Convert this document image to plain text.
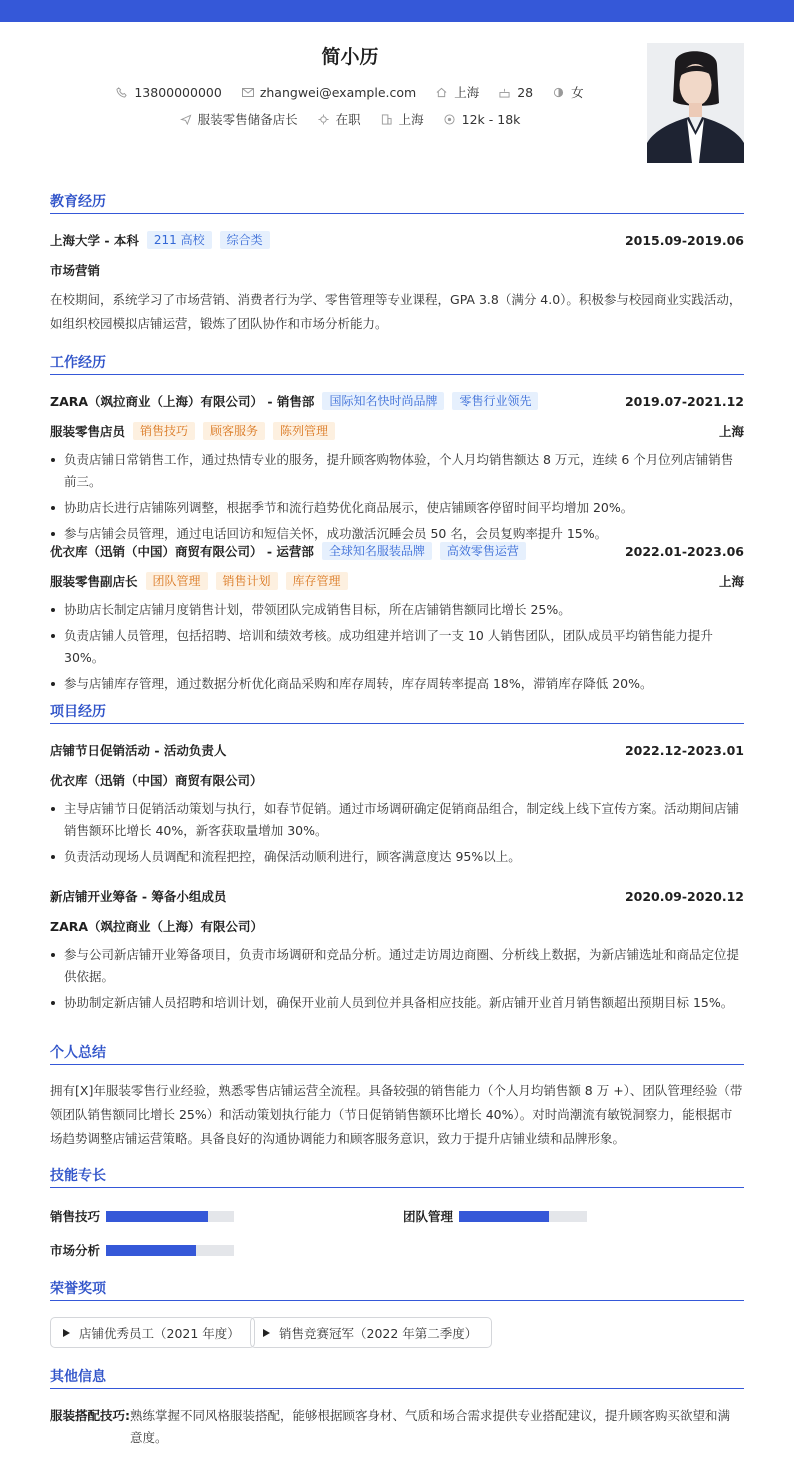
简小历
13800000000	zhangwei@example.com	上海	28	女
服装零售储备店长	在职	上海	12k - 18k
教育经历
上海大学 - 本科	211 高校	综合类	2015.09-2019.06
市场营销
在校期间，系统学习了市场营销、消费者行为学、零售管理等专业课程，GPA 3.8（满分 4.0）。积极参与校园商业实践活动，如组织校园模拟店铺运营，锻炼了团队协作和市场分析能力。
工作经历
ZARA（飒拉商业（上海）有限公司） - 销售部	国际知名快时尚品牌	零售行业领先	2019.07-2021.12
服装零售店员	销售技巧	顾客服务	陈列管理	上海
负责店铺日常销售工作，通过热情专业的服务，提升顾客购物体验，个人月均销售额达 8 万元，连续 6 个月位列店铺销售前三。
协助店长进行店铺陈列调整，根据季节和流行趋势优化商品展示，使店铺顾客停留时间平均增加 20%。
参与店铺会员管理，通过电话回访和短信关怀，成功激活沉睡会员 50 名，会员复购率提升 15%。
优衣库（迅销（中国）商贸有限公司） - 运营部	全球知名服装品牌	高效零售运营	2022.01-2023.06
服装零售副店长	团队管理	销售计划	库存管理	上海
协助店长制定店铺月度销售计划，带领团队完成销售目标，所在店铺销售额同比增长 25%。
负责店铺人员管理，包括招聘、培训和绩效考核。成功组建并培训了一支 10 人销售团队，团队成员平均销售能力提升 30%。
参与店铺库存管理，通过数据分析优化商品采购和库存周转，库存周转率提高 18%，滞销库存降低 20%。
项目经历
店铺节日促销活动 - 活动负责人	2022.12-2023.01
优衣库（迅销（中国）商贸有限公司）
主导店铺节日促销活动策划与执行，如春节促销。通过市场调研确定促销商品组合，制定线上线下宣传方案。活动期间店铺销售额环比增长 40%，新客获取量增加 30%。
负责活动现场人员调配和流程把控，确保活动顺利进行，顾客满意度达 95%以上。
新店铺开业筹备 - 筹备小组成员	2020.09-2020.12
ZARA（飒拉商业（上海）有限公司）
参与公司新店铺开业筹备项目，负责市场调研和竞品分析。通过走访周边商圈、分析线上数据，为新店铺选址和商品定位提供依据。
协助制定新店铺人员招聘和培训计划，确保开业前人员到位并具备相应技能。新店铺开业首月销售额超出预期目标 15%。
个人总结
拥有[X]年服装零售行业经验，熟悉零售店铺运营全流程。具备较强的销售能力（个人月均销售额 8 万 +）、团队管理经验（带领团队销售额同比增长 25%）和活动策划执行能力（节日促销销售额环比增长 40%）。对时尚潮流有敏锐洞察力，能根据市场趋势调整店铺运营策略。具备良好的沟通协调能力和顾客服务意识，致力于提升店铺业绩和品牌形象。
技能专长
销售技巧	团队管理
市场分析
荣誉奖项
店铺优秀员工（2021 年度）	销售竞赛冠军（2022 年第二季度）
其他信息
服装搭配技巧: 熟练掌握不同风格服装搭配，能够根据顾客身材、气质和场合需求提供专业搭配建议，提升顾客购买欲望和满意度。
